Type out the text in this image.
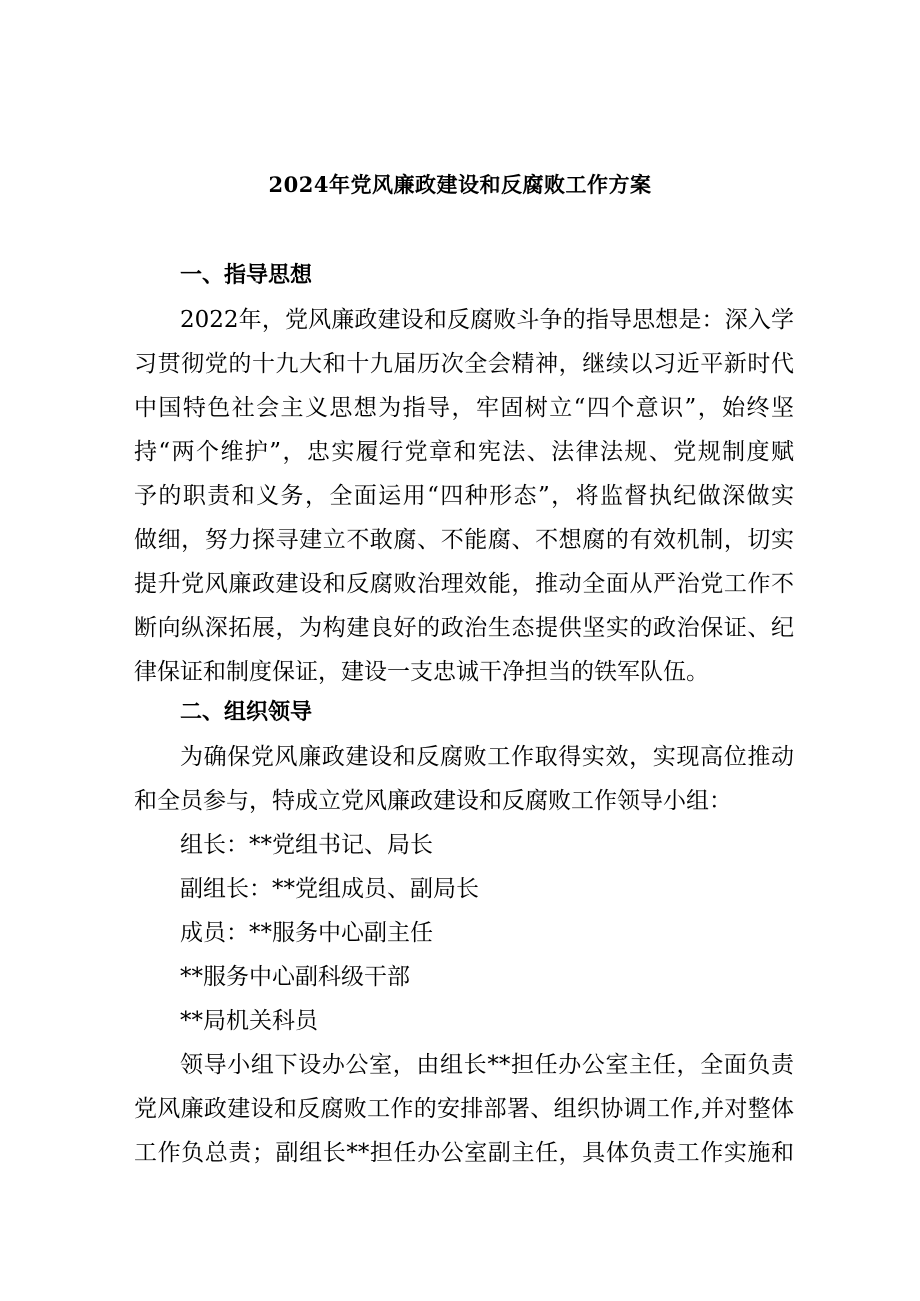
2024年党风廉政建设和反腐败工作方案
一、指导思想
2022年，党风廉政建设和反腐败斗争的指导思想是：深入学
习贯彻党的十九大和十九届历次全会精神，继续以习近平新时代
中国特色社会主义思想为指导，牢固树立“四个意识”，始终坚
持“两个维护”，忠实履行党章和宪法、法律法规、党规制度赋
予的职责和义务，全面运用“四种形态”，将监督执纪做深做实
做细，努力探寻建立不敢腐、不能腐、不想腐的有效机制，切实
提升党风廉政建设和反腐败治理效能，推动全面从严治党工作不
断向纵深拓展，为构建良好的政治生态提供坚实的政治保证、纪
律保证和制度保证，建设一支忠诚干净担当的铁军队伍。
二、组织领导
为确保党风廉政建设和反腐败工作取得实效，实现高位推动
和全员参与，特成立党风廉政建设和反腐败工作领导小组：
组长：**党组书记、局长
副组长：**党组成员、副局长
成员：**服务中心副主任
**服务中心副科级干部
**局机关科员
领导小组下设办公室，由组长**担任办公室主任，全面负责
党风廉政建设和反腐败工作的安排部署、组织协调工作,并对整体
工作负总责；副组长**担任办公室副主任，具体负责工作实施和
